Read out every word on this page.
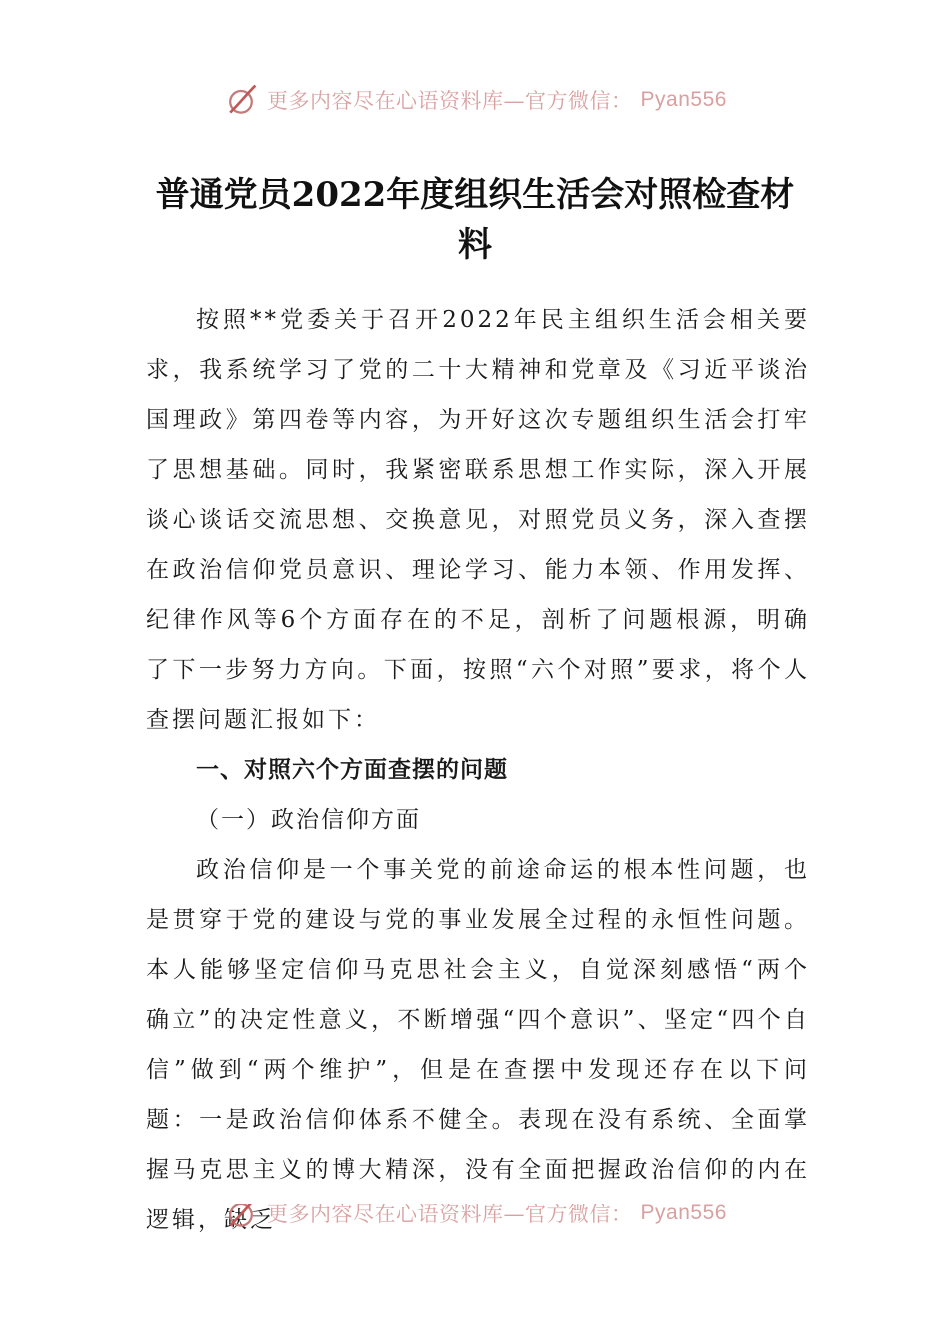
更多内容尽在心语资料库—官方微信： Pyan556
普通党员2022年度组织生活会对照检查材料

按照**党委关于召开2022年民主组织生活会相关要求，我系统学习了党的二十大精神和党章及《习近平谈治国理政》第四卷等内容，为开好这次专题组织生活会打牢了思想基础。同时，我紧密联系思想工作实际，深入开展谈心谈话交流思想、交换意见，对照党员义务，深入查摆在政治信仰党员意识、理论学习、能力本领、作用发挥、纪律作风等6个方面存在的不足，剖析了问题根源，明确了下一步努力方向。下面，按照“六个对照”要求，将个人查摆问题汇报如下：

一、对照六个方面查摆的问题
（一）政治信仰方面

政治信仰是一个事关党的前途命运的根本性问题，也是贯穿于党的建设与党的事业发展全过程的永恒性问题。本人能够坚定信仰马克思社会主义，自觉深刻感悟“两个确立”的决定性意义，不断增强“四个意识”、坚定“四个自信”做到“两个维护”，但是在查摆中发现还存在以下问题：一是政治信仰体系不健全。表现在没有系统、全面掌握马克思主义的博大精深，没有全面把握政治信仰的内在逻辑，缺乏

更多内容尽在心语资料库—官方微信： Pyan556
